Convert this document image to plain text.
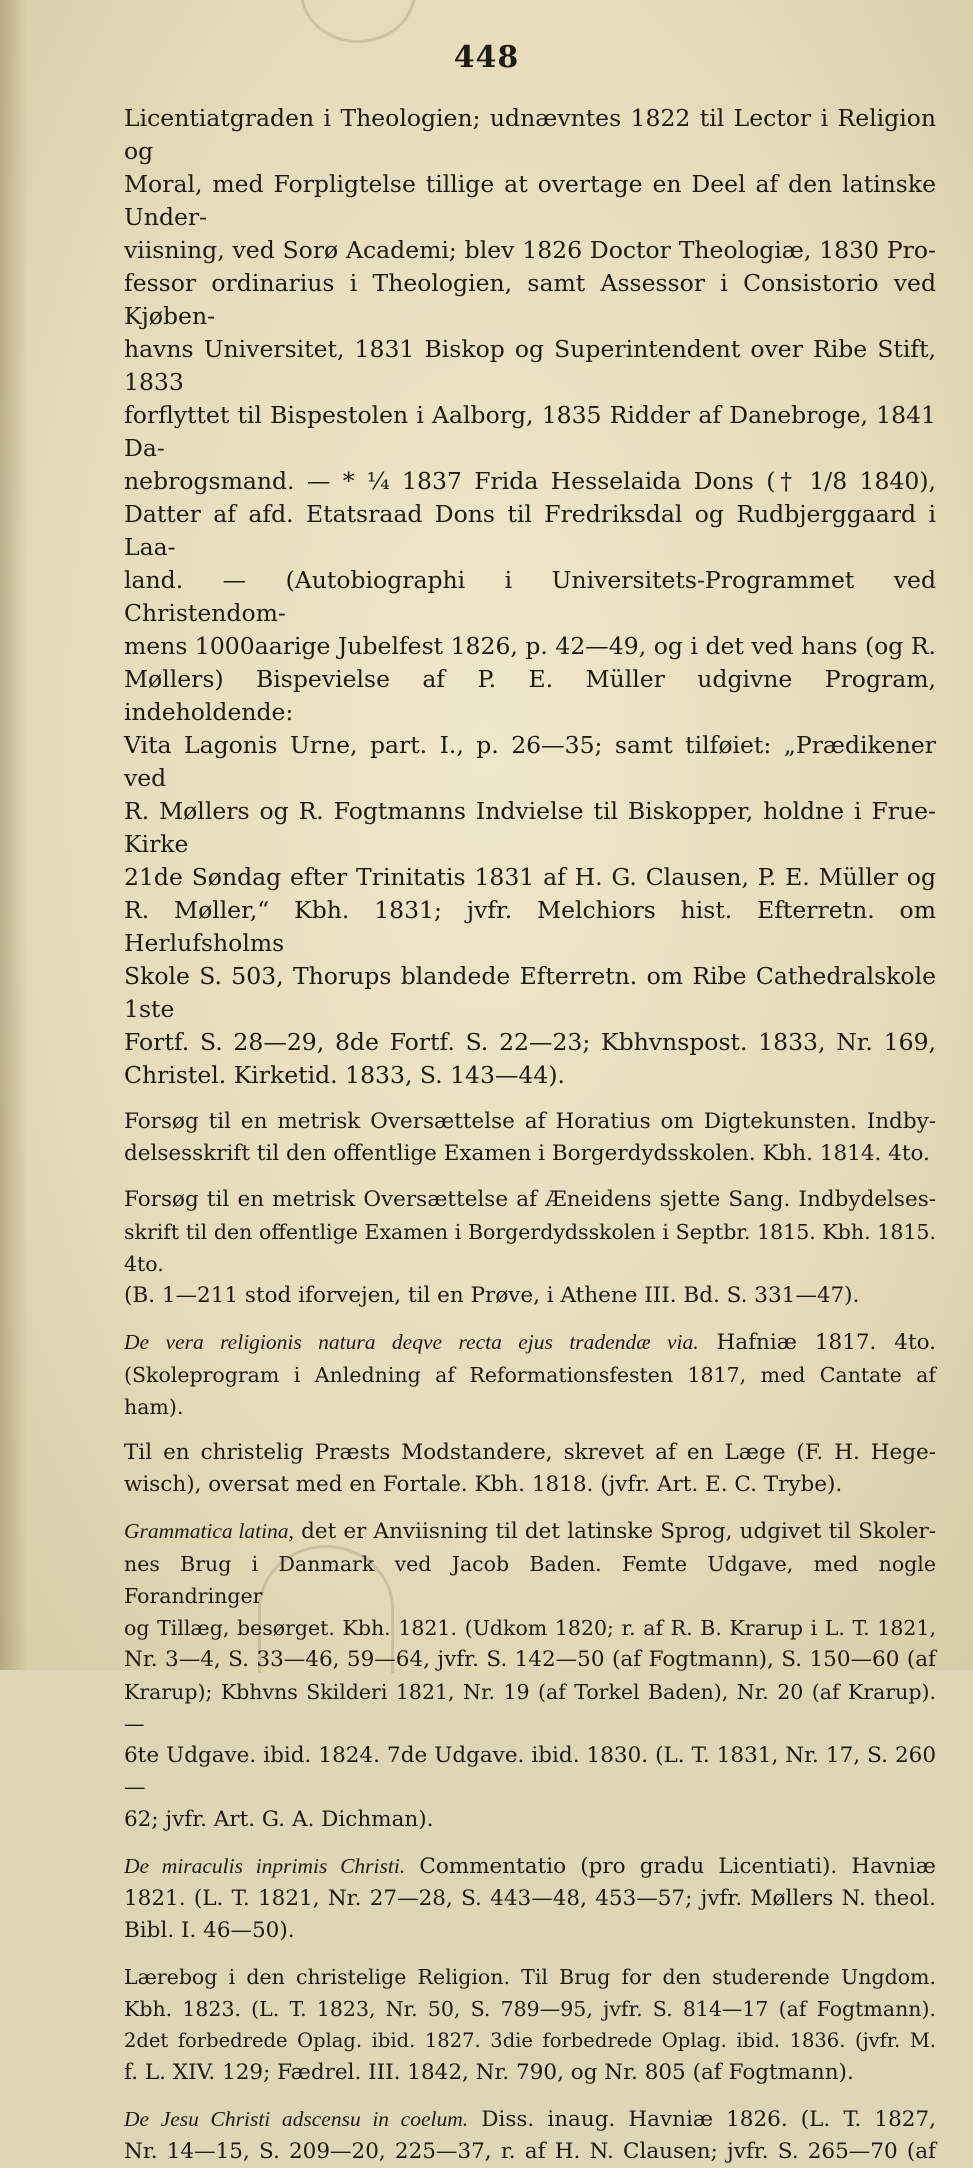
448

Licentiatgraden i Theologien; udnævntes 1822 til Lector i Religion og

Moral, med Forpligtelse tillige at overtage en Deel af den latinske Under-

viisning, ved Sorø Academi; blev 1826 Doctor Theologiæ, 1830 Pro-

fessor ordinarius i Theologien, samt Assessor i Consistorio ved Kjøben-

havns Universitet, 1831 Biskop og Superintendent over Ribe Stift, 1833

forflyttet til Bispestolen i Aalborg, 1835 Ridder af Danebroge, 1841 Da-

nebrogsmand. — * ⅟₄ 1837 Frida Hesselaida Dons († 1/8 1840),

Datter af afd. Etatsraad Dons til Fredriksdal og Rudbjerggaard i Laa-

land. — (Autobiographi i Universitets-Programmet ved Christendom-

mens 1000aarige Jubelfest 1826, p. 42—49, og i det ved hans (og R.

Møllers) Bispevielse af P. E. Müller udgivne Program, indeholdende:

Vita Lagonis Urne, part. I., p. 26—35; samt tilføiet: „Prædikener ved

R. Møllers og R. Fogtmanns Indvielse til Biskopper, holdne i Frue-Kirke

21de Søndag efter Trinitatis 1831 af H. G. Clausen, P. E. Müller og

R. Møller,“ Kbh. 1831; jvfr. Melchiors hist. Efterretn. om Herlufsholms

Skole S. 503, Thorups blandede Efterretn. om Ribe Cathedralskole 1ste

Fortf. S. 28—29, 8de Fortf. S. 22—23; Kbhvnspost. 1833, Nr. 169,

Christel. Kirketid. 1833, S. 143—44).

Forsøg til en metrisk Oversættelse af Horatius om Digtekunsten. Indby-

delsesskrift til den offentlige Examen i Borgerdydsskolen. Kbh. 1814. 4to.

Forsøg til en metrisk Oversættelse af Æneidens sjette Sang. Indbydelses-

skrift til den offentlige Examen i Borgerdydsskolen i Septbr. 1815. Kbh. 1815. 4to.

(B. 1—211 stod iforvejen, til en Prøve, i Athene III. Bd. S. 331—47).

De vera religionis natura deqve recta ejus tradendæ via. Hafniæ 1817. 4to.

(Skoleprogram i Anledning af Reformationsfesten 1817, med Cantate af ham).

Til en christelig Præsts Modstandere, skrevet af en Læge (F. H. Hege-

wisch), oversat med en Fortale. Kbh. 1818. (jvfr. Art. E. C. Trybe).

Grammatica latina, det er Anviisning til det latinske Sprog, udgivet til Skoler-

nes Brug i Danmark ved Jacob Baden. Femte Udgave, med nogle Forandringer

og Tillæg, besørget. Kbh. 1821. (Udkom 1820; r. af R. B. Krarup i L. T. 1821,

Nr. 3—4, S. 33—46, 59—64, jvfr. S. 142—50 (af Fogtmann), S. 150—60 (af

Krarup); Kbhvns Skilderi 1821, Nr. 19 (af Torkel Baden), Nr. 20 (af Krarup). —

6te Udgave. ibid. 1824. 7de Udgave. ibid. 1830. (L. T. 1831, Nr. 17, S. 260—

62; jvfr. Art. G. A. Dichman).

De miraculis inprimis Christi. Commentatio (pro gradu Licentiati). Havniæ

1821. (L. T. 1821, Nr. 27—28, S. 443—48, 453—57; jvfr. Møllers N. theol.

Bibl. I. 46—50).

Lærebog i den christelige Religion. Til Brug for den studerende Ungdom.

Kbh. 1823. (L. T. 1823, Nr. 50, S. 789—95, jvfr. S. 814—17 (af Fogtmann).

2det forbedrede Oplag. ibid. 1827. 3die forbedrede Oplag. ibid. 1836. (jvfr. M.

f. L. XIV. 129; Fædrel. III. 1842, Nr. 790, og Nr. 805 (af Fogtmann).

De Jesu Christi adscensu in coelum. Diss. inaug. Havniæ 1826. (L. T. 1827,

Nr. 14—15, S. 209—20, 225—37, r. af H. N. Clausen; jvfr. S. 265—70 (af
